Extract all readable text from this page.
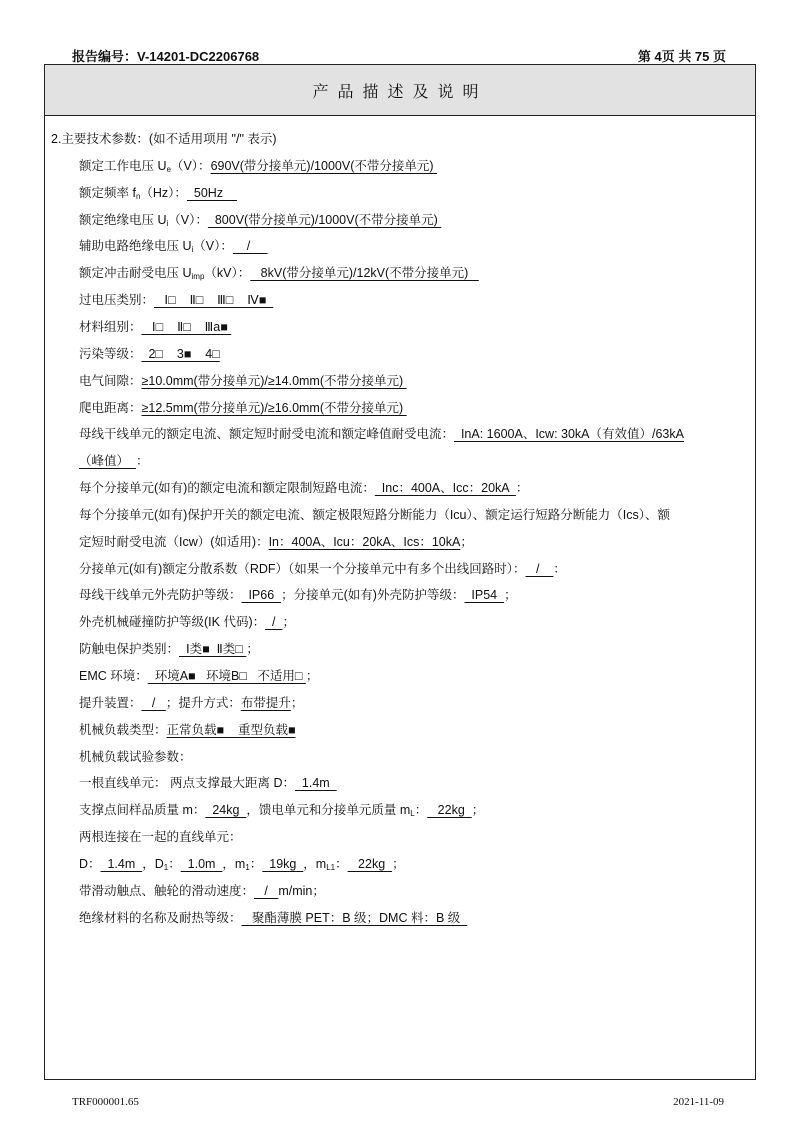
报告编号：V-14201-DC2206768	第 4页 共 75 页
产品描述及说明
2.主要技术参数：(如不适用项用 "/" 表示)
额定工作电压 $U_e(V)$：690V(带分接单元)/1000V(不带分接单元)
额定频率 $f_n(Hz)$：  50Hz
额定绝缘电压 $U_i(V)$：  800V(带分接单元)/1000V(不带分接单元)
辅助电路绝缘电压 $U_i(V)$：    /
额定冲击耐受电压 $U_{imp}(kV)$：   8kV(带分接单元)/12kV(不带分接单元)
过电压类别：   Ⅰ□    Ⅱ□    Ⅲ□    Ⅳ■
材料组别：   Ⅰ□    Ⅱ□    Ⅲa■
污染等级：  2□    3■    4□
电气间隙：≥10.0mm(带分接单元)/≥14.0mm(不带分接单元)
爬电距离：≥12.5mm(带分接单元)/≥16.0mm(不带分接单元)
母线干线单元的额定电流、额定短时耐受电流和额定峰值耐受电流：  InA: 1600A、Icw: 30kA（有效值）/63kA
（峰值）  ：
每个分接单元(如有)的额定电流和额定限制短路电流：  Inc：400A、Icc：20kA  ：
每个分接单元(如有)保护开关的额定电流、额定极限短路分断能力（Icu）、额定运行短路分断能力（Ics）、额
定短时耐受电流（Icw）(如适用)：In：400A、Icu：20kA、Ics：10kA；
分接单元(如有)额定分散系数（RDF）（如果一个分接单元中有多个出线回路时）：   /    ：
母线干线单元外壳防护等级：  IP66  ；分接单元(如有)外壳防护等级：  IP54  ；
外壳机械碰撞防护等级(IK 代码)：  /  ；
防触电保护类别：  Ⅰ类■  Ⅱ类□ ；
EMC 环境：  环境A■   环境B□   不适用□ ；
提升装置：   /   ；提升方式：布带提升；
机械负载类型：正常负载■    重型负载■
机械负载试验参数：
一根直线单元： 两点支撑最大距离 D：  1.4m
支撑点间样品质量 m：  24kg  ，馈电单元和分接单元质量 $m_L$：   22kg  ；
两根连接在一起的直线单元：
D：  1.4m  ，$D_1$：  1.0m  ，$m_1$：  19kg  ，$m_{L1}$：   22kg  ；
带滑动触点、触轮的滑动速度：   /   m/min；
绝缘材料的名称及耐热等级：   聚酯薄膜 PET：B 级；DMC 料：B 级
TRF000001.65	2021-11-09
